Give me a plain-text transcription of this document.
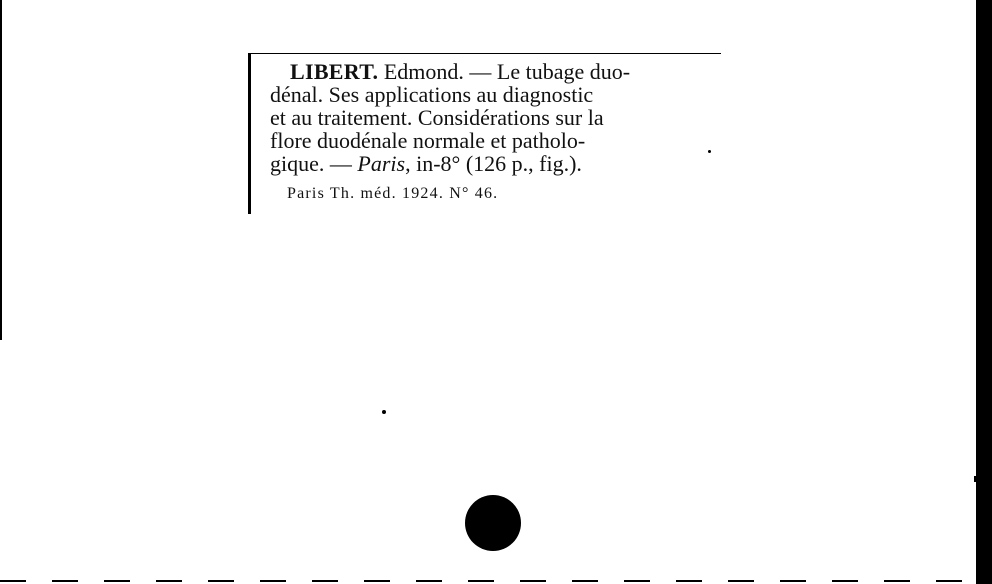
LIBERT. Edmond. — Le tubage duo-
dénal. Ses applications au diagnostic
et au traitement. Considérations sur la
flore duodénale normale et patholo-
gique. — Paris, in-8° (126 p., fig.).
Paris Th. méd. 1924. N° 46.
